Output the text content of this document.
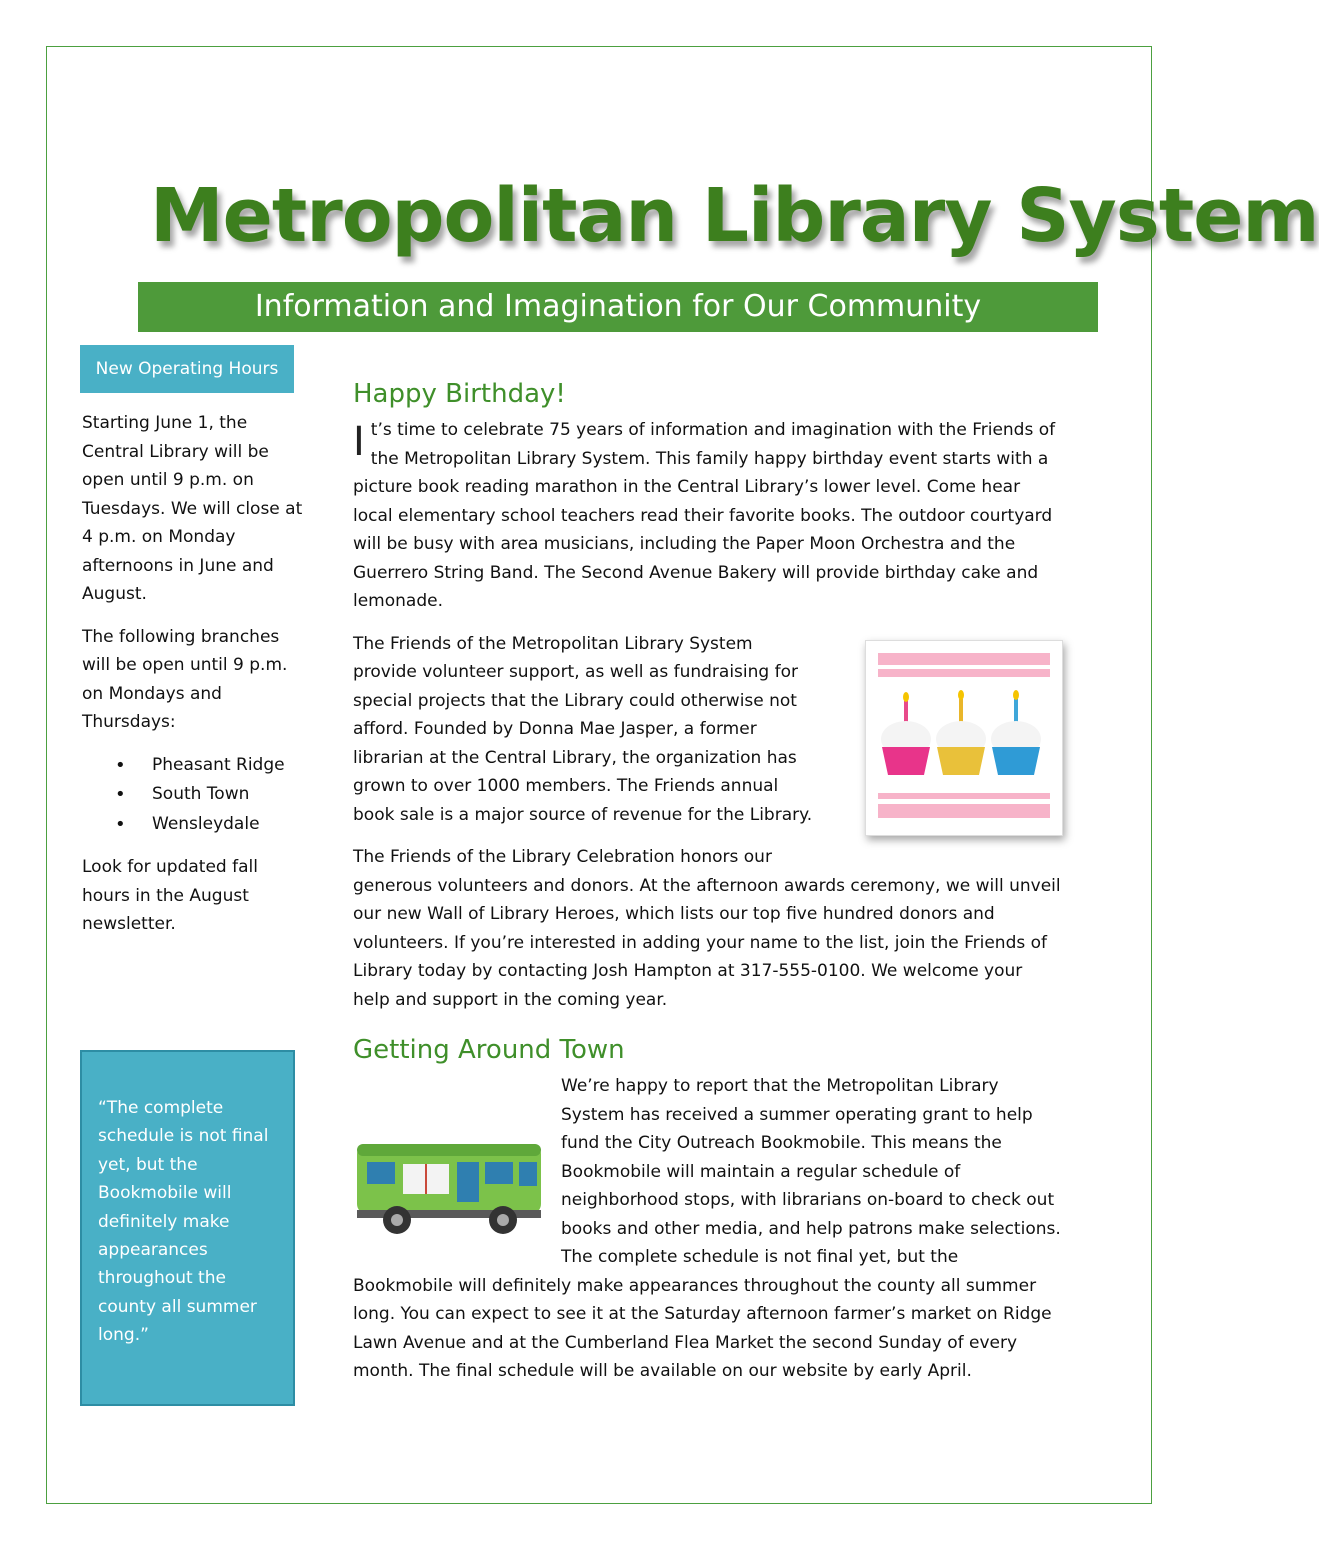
Metropolitan Library System
Information and Imagination for Our Community
New Operating Hours

Starting June 1, the Central Library will be open until 9 p.m. on Tuesdays. We will close at 4 p.m. on Monday afternoons in June and August.

The following branches will be open until 9 p.m. on Mondays and Thursdays:

• Pheasant Ridge
• South Town
• Wensleydale

Look for updated fall hours in the August newsletter.

“The complete schedule is not final yet, but the Bookmobile will definitely make appearances throughout the county all summer long.”
Happy Birthday!

It’s time to celebrate 75 years of information and imagination with the Friends of the Metropolitan Library System. This family happy birthday event starts with a picture book reading marathon in the Central Library’s lower level. Come hear local elementary school teachers read their favorite books. The outdoor courtyard will be busy with area musicians, including the Paper Moon Orchestra and the Guerrero String Band. The Second Avenue Bakery will provide birthday cake and lemonade.

The Friends of the Metropolitan Library System provide volunteer support, as well as fundraising for special projects that the Library could otherwise not afford. Founded by Donna Mae Jasper, a former librarian at the Central Library, the organization has grown to over 1000 members. The Friends annual book sale is a major source of revenue for the Library.

The Friends of the Library Celebration honors our generous volunteers and donors. At the afternoon awards ceremony, we will unveil our new Wall of Library Heroes, which lists our top five hundred donors and volunteers. If you’re interested in adding your name to the list, join the Friends of Library today by contacting Josh Hampton at 317-555-0100. We welcome your help and support in the coming year.

Getting Around Town

We’re happy to report that the Metropolitan Library System has received a summer operating grant to help fund the City Outreach Bookmobile. This means the Bookmobile will maintain a regular schedule of neighborhood stops, with librarians on-board to check out books and other media, and help patrons make selections. The complete schedule is not final yet, but the Bookmobile will definitely make appearances throughout the county all summer long. You can expect to see it at the Saturday afternoon farmer’s market on Ridge Lawn Avenue and at the Cumberland Flea Market the second Sunday of every month. The final schedule will be available on our website by early April.
